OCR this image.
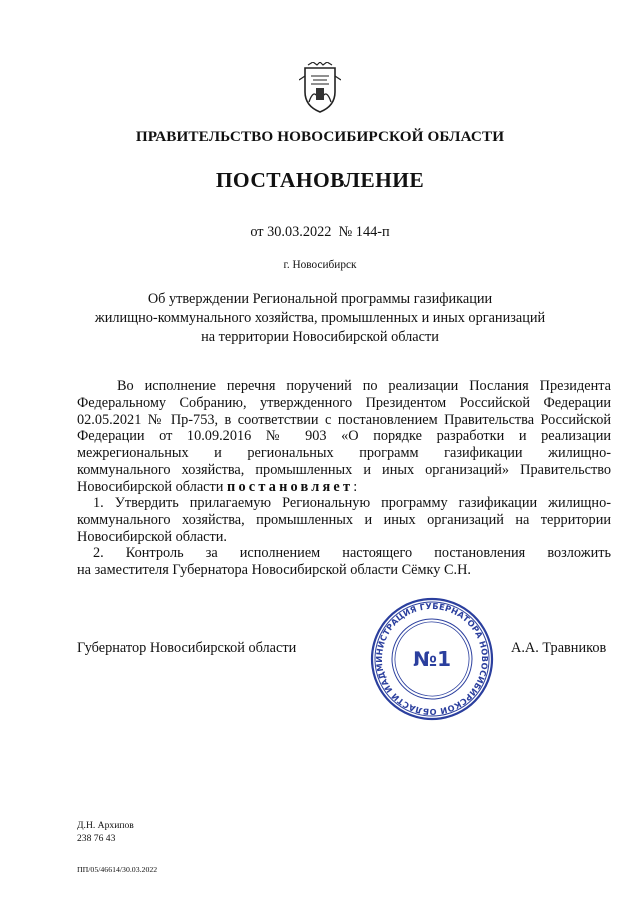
ПРАВИТЕЛЬСТВО НОВОСИБИРСКОЙ ОБЛАСТИ
ПОСТАНОВЛЕНИЕ
от 30.03.2022  № 144-п
г. Новосибирск
Об утверждении Региональной программы газификации
жилищно-коммунального хозяйства, промышленных и иных организаций
на территории Новосибирской области
Во исполнение перечня поручений по реализации Послания Президента
Федеральному Собранию, утвержденного Президентом Российской Федерации
02.05.2021 № Пр-753, в соответствии с постановлением Правительства Российской
Федерации от 10.09.2016 № 903 «О порядке разработки и реализации
межрегиональных и региональных программ газификации жилищно-
коммунального хозяйства, промышленных и иных организаций» Правительство
Новосибирской области постановляет:
1. Утвердить прилагаемую Региональную программу газификации жилищно-
коммунального хозяйства, промышленных и иных организаций на территории
Новосибирской области.
2. Контроль за исполнением настоящего постановления возложить
на заместителя Губернатора Новосибирской области Сёмку С.Н.
Губернатор Новосибирской области	А.А. Травников
АДМИНИСТРАЦИЯ ГУБЕРНАТОРА НОВОСИБИРСКОЙ ОБЛАСТИ И
№1
Д.Н. Архипов
238 76 43
ПП/05/46614/30.03.2022
